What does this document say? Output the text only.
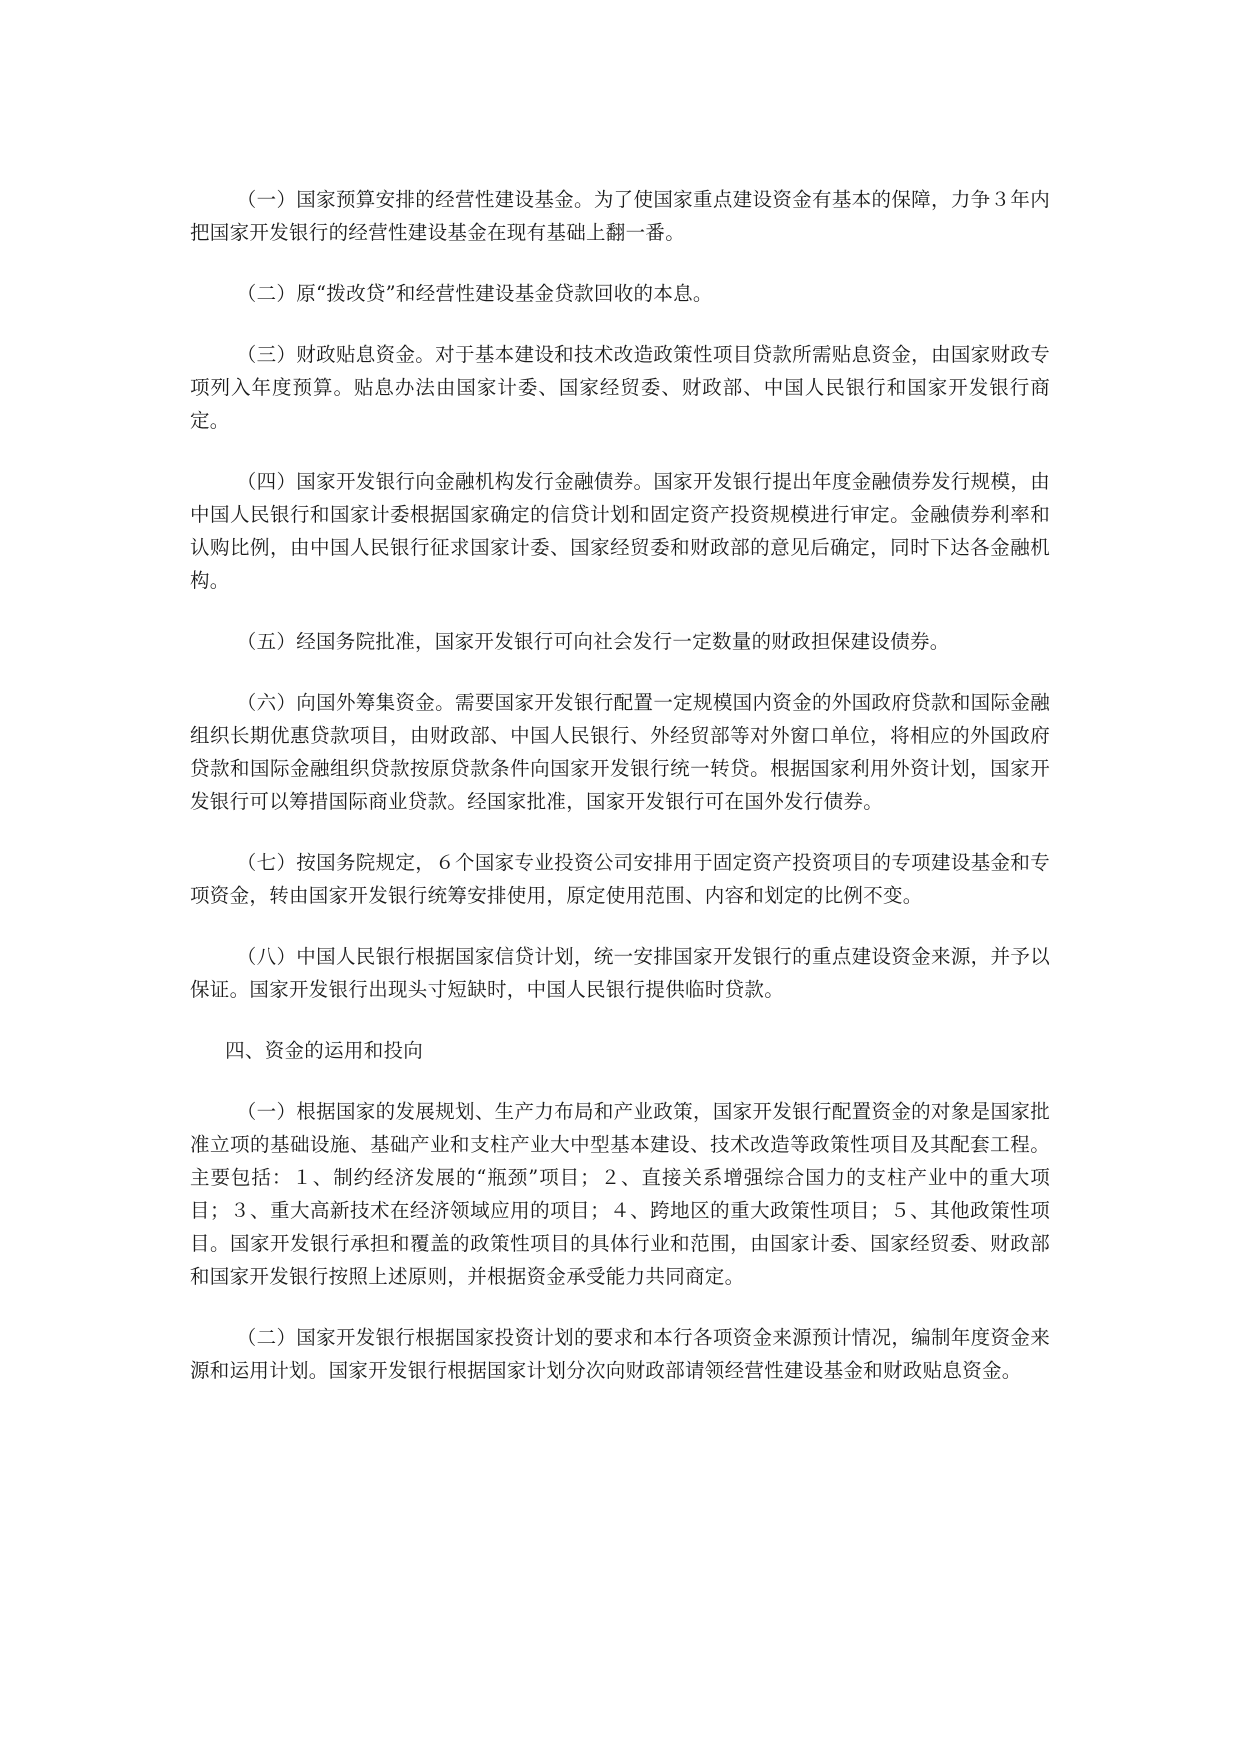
（一）国家预算安排的经营性建设基金。为了使国家重点建设资金有基本的保障，力争３年内把国家开发银行的经营性建设基金在现有基础上翻一番。

（二）原“拨改贷”和经营性建设基金贷款回收的本息。

（三）财政贴息资金。对于基本建设和技术改造政策性项目贷款所需贴息资金，由国家财政专项列入年度预算。贴息办法由国家计委、国家经贸委、财政部、中国人民银行和国家开发银行商定。

（四）国家开发银行向金融机构发行金融债券。国家开发银行提出年度金融债券发行规模，由中国人民银行和国家计委根据国家确定的信贷计划和固定资产投资规模进行审定。金融债券利率和认购比例，由中国人民银行征求国家计委、国家经贸委和财政部的意见后确定，同时下达各金融机构。

（五）经国务院批准，国家开发银行可向社会发行一定数量的财政担保建设债券。

（六）向国外筹集资金。需要国家开发银行配置一定规模国内资金的外国政府贷款和国际金融组织长期优惠贷款项目，由财政部、中国人民银行、外经贸部等对外窗口单位，将相应的外国政府贷款和国际金融组织贷款按原贷款条件向国家开发银行统一转贷。根据国家利用外资计划，国家开发银行可以筹措国际商业贷款。经国家批准，国家开发银行可在国外发行债券。

（七）按国务院规定，６个国家专业投资公司安排用于固定资产投资项目的专项建设基金和专项资金，转由国家开发银行统筹安排使用，原定使用范围、内容和划定的比例不变。

（八）中国人民银行根据国家信贷计划，统一安排国家开发银行的重点建设资金来源，并予以保证。国家开发银行出现头寸短缺时，中国人民银行提供临时贷款。

四、资金的运用和投向

（一）根据国家的发展规划、生产力布局和产业政策，国家开发银行配置资金的对象是国家批准立项的基础设施、基础产业和支柱产业大中型基本建设、技术改造等政策性项目及其配套工程。主要包括：１、制约经济发展的“瓶颈”项目；２、直接关系增强综合国力的支柱产业中的重大项目；３、重大高新技术在经济领域应用的项目；４、跨地区的重大政策性项目；５、其他政策性项目。国家开发银行承担和覆盖的政策性项目的具体行业和范围，由国家计委、国家经贸委、财政部和国家开发银行按照上述原则，并根据资金承受能力共同商定。

（二）国家开发银行根据国家投资计划的要求和本行各项资金来源预计情况，编制年度资金来源和运用计划。国家开发银行根据国家计划分次向财政部请领经营性建设基金和财政贴息资金。
